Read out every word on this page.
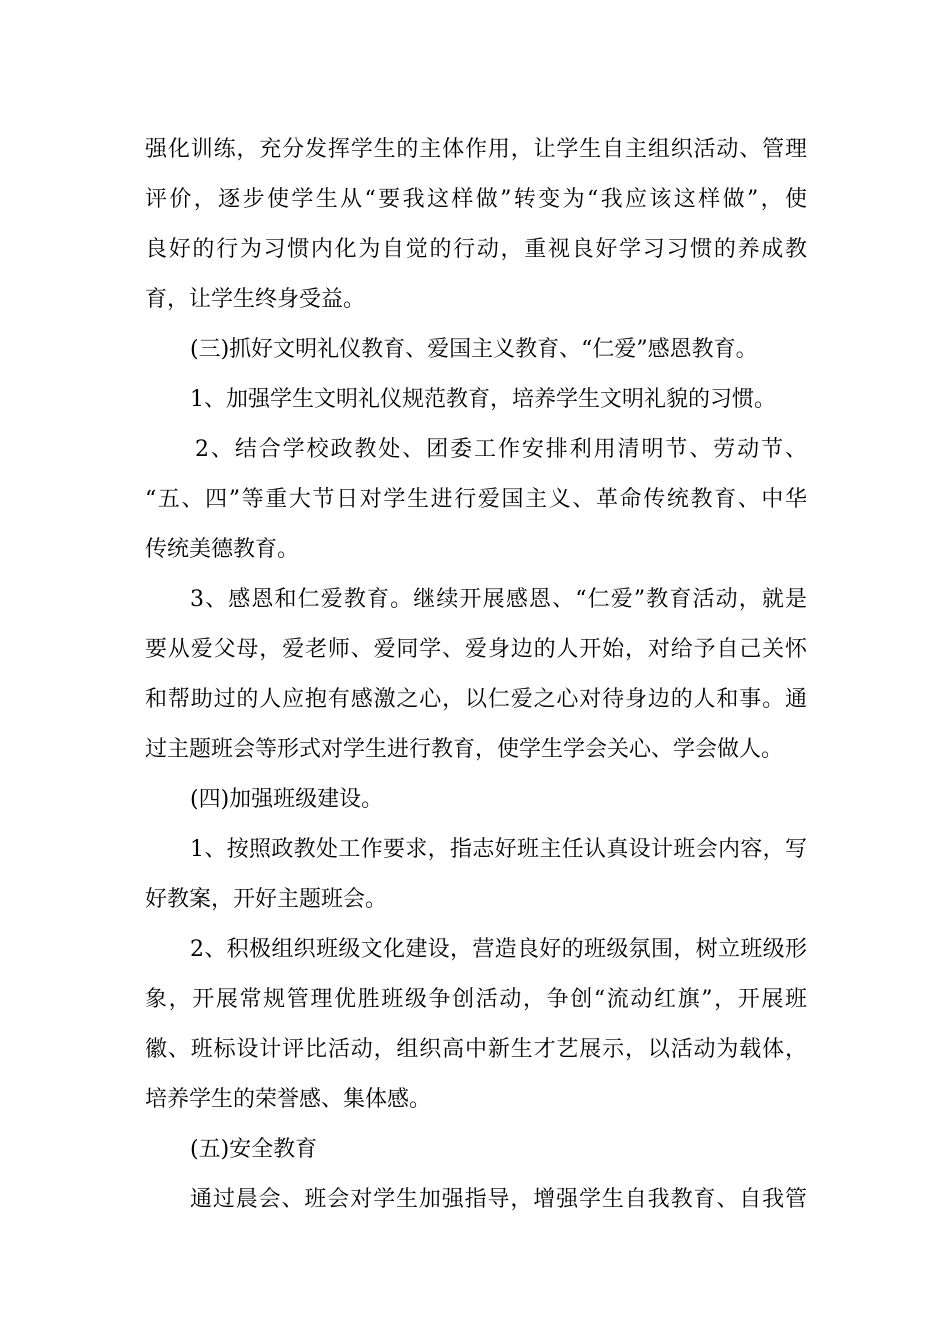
强化训练，充分发挥学生的主体作用，让学生自主组织活动、管理
评价，逐步使学生从“要我这样做”转变为“我应该这样做”，使
良好的行为习惯内化为自觉的行动，重视良好学习习惯的养成教
育，让学生终身受益。
(三)抓好文明礼仪教育、爱国主义教育、“仁爱”感恩教育。
1、加强学生文明礼仪规范教育，培养学生文明礼貌的习惯。
2、结合学校政教处、团委工作安排利用清明节、劳动节、
“五、四”等重大节日对学生进行爱国主义、革命传统教育、中华
传统美德教育。
3、感恩和仁爱教育。继续开展感恩、“仁爱”教育活动，就是
要从爱父母，爱老师、爱同学、爱身边的人开始，对给予自己关怀
和帮助过的人应抱有感激之心，以仁爱之心对待身边的人和事。通
过主题班会等形式对学生进行教育，使学生学会关心、学会做人。
(四)加强班级建设。
1、按照政教处工作要求，指志好班主任认真设计班会内容，写
好教案，开好主题班会。
2、积极组织班级文化建设，营造良好的班级氛围，树立班级形
象，开展常规管理优胜班级争创活动，争创“流动红旗”，开展班
徽、班标设计评比活动，组织高中新生才艺展示，以活动为载体，
培养学生的荣誉感、集体感。
(五)安全教育
通过晨会、班会对学生加强指导，增强学生自我教育、自我管
